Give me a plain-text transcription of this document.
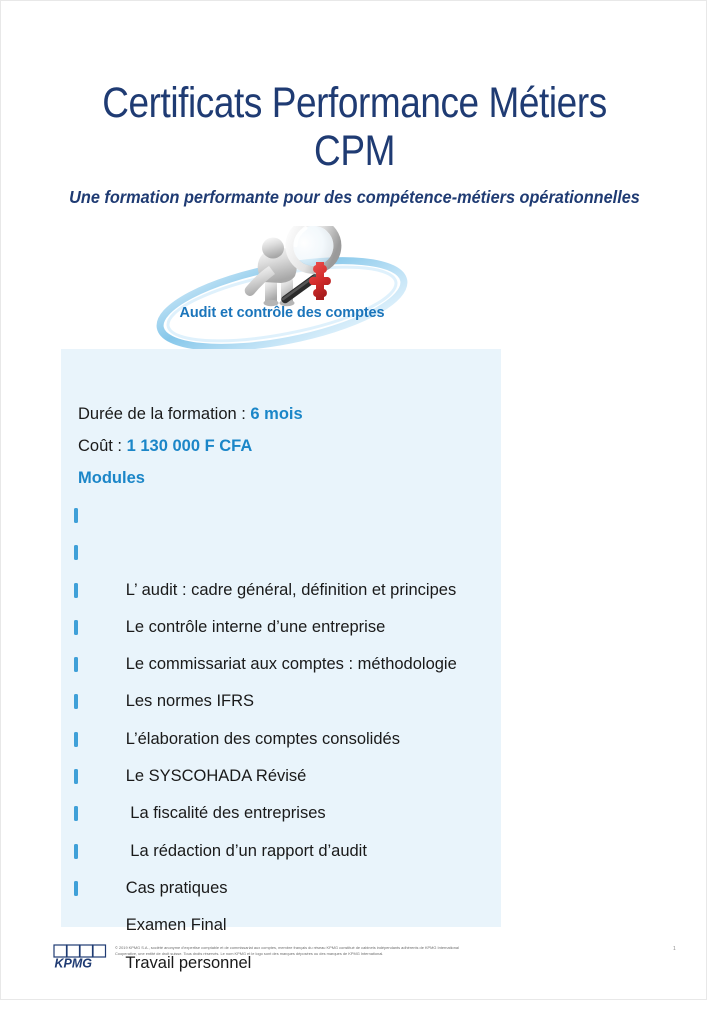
Certificats Performance Métiers
CPM
Une formation performante pour des compétence-métiers opérationnelles
Audit et contrôle des comptes
Durée de la formation : 6 mois
Coût : 1 130 000 F CFA
Modules

L’ audit : cadre général, définition et principes

Le contrôle interne d’une entreprise

Le commissariat aux comptes : méthodologie

Les normes IFRS

L’élaboration des comptes consolidés

Le SYSCOHADA Révisé

La fiscalité des entreprises

La rédaction d’un rapport d’audit

Cas pratiques

Examen Final

Travail personnel

KPMG
© 2019 KPMG S.A., société anonyme d’expertise comptable et de commissariat aux comptes, membre français du réseau KPMG constitué de cabinets indépendants adhérents de KPMG International
Cooperative, une entité de droit suisse. Tous droits réservés. Le nom KPMG et le logo sont des marques déposées ou des marques de KPMG International.
1
